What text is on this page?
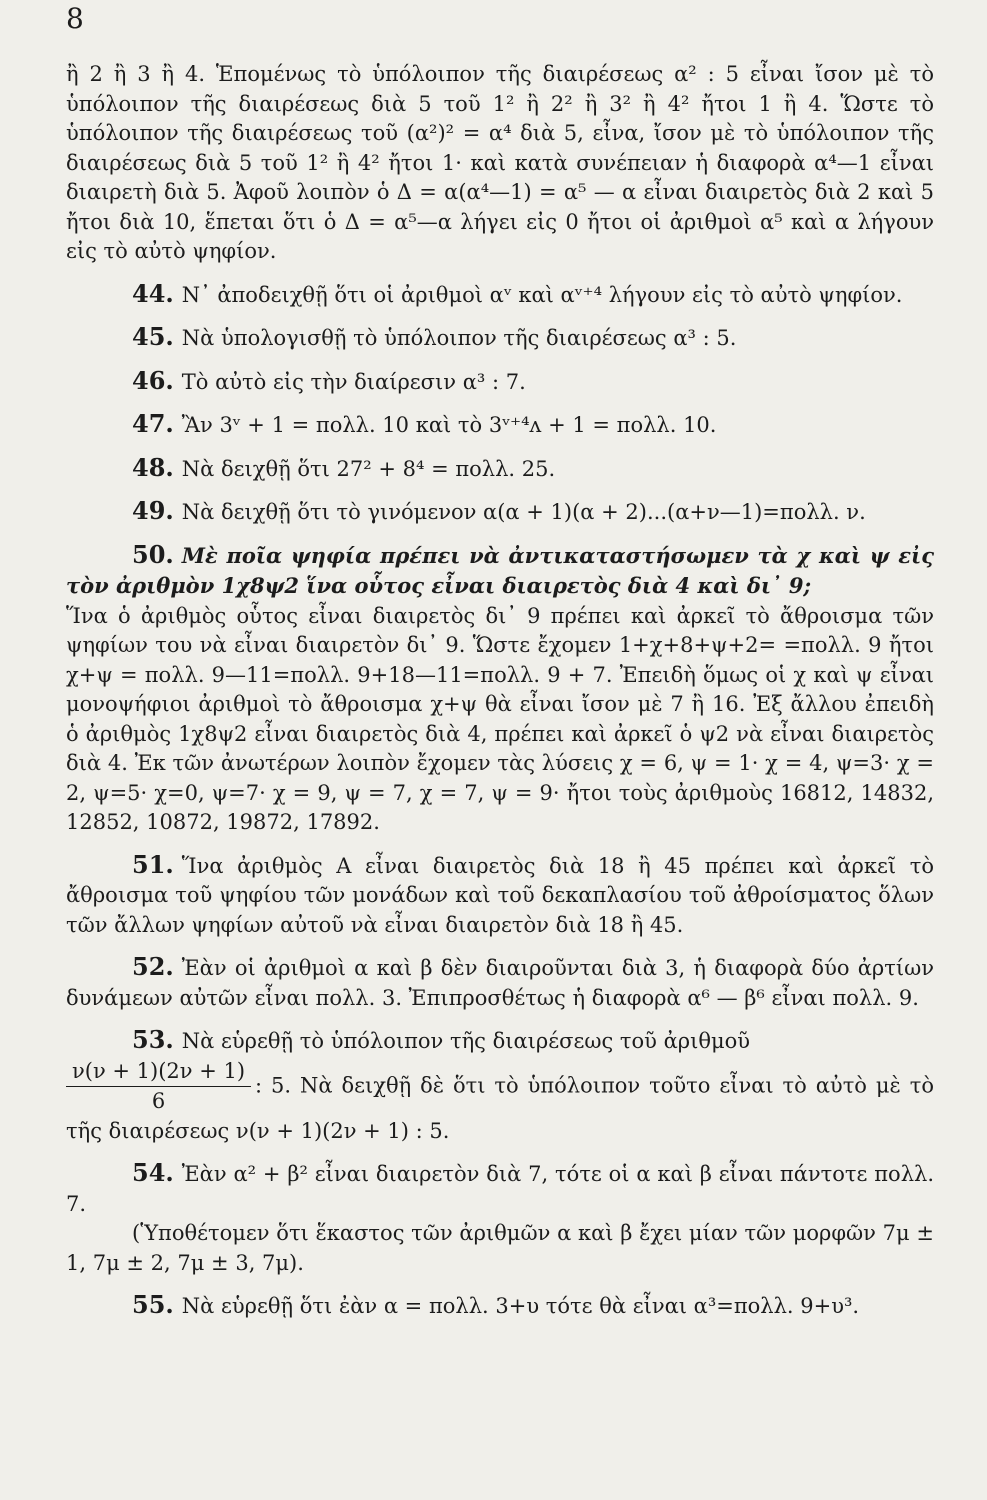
8

ἢ 2 ἢ 3 ἢ 4. Ἑπομένως τὸ ὑπόλοιπον τῆς διαιρέσεως α² : 5 εἶναι ἴσον μὲ τὸ ὑπόλοιπον τῆς διαιρέσεως διὰ 5 τοῦ 1² ἢ 2² ἢ 3² ἢ 4² ἤτοι 1 ἢ 4. Ὥστε τὸ ὑπόλοιπον τῆς διαιρέσεως τοῦ (α²)² = α⁴ διὰ 5, εἶνα, ἴσον μὲ τὸ ὑπόλοιπον τῆς διαιρέσεως διὰ 5 τοῦ 1² ἢ 4² ἤτοι 1· καὶ κατὰ συνέπειαν ἡ διαφορὰ α⁴—1 εἶναι διαιρετὴ διὰ 5. Ἀφοῦ λοιπὸν ὁ Δ = α(α⁴—1) = α⁵ — α εἶναι διαιρετὸς διὰ 2 καὶ 5 ἤτοι διὰ 10, ἕπεται ὅτι ὁ Δ = α⁵—α λήγει εἰς 0 ἤτοι οἱ ἀριθμοὶ α⁵ καὶ α λήγουν εἰς τὸ αὐτὸ ψηφίον.

44. Ν᾽ ἀποδειχθῇ ὅτι οἱ ἀριθμοὶ αᵛ καὶ αᵛ⁺⁴ λήγουν εἰς τὸ αὐτὸ ψηφίον.

45. Νὰ ὑπολογισθῇ τὸ ὑπόλοιπον τῆς διαιρέσεως α³ : 5.

46. Τὸ αὐτὸ εἰς τὴν διαίρεσιν α³ : 7.

47. Ἂν 3ᵛ + 1 = πολλ. 10 καὶ τὸ 3ᵛ⁺⁴ᴧ + 1 = πολλ. 10.

48. Νὰ δειχθῇ ὅτι 27² + 8⁴ = πολλ. 25.

49. Νὰ δειχθῇ ὅτι τὸ γινόμενον α(α + 1)(α + 2)...(α+ν—1)=πολλ. ν.

50. Μὲ ποῖα ψηφία πρέπει νὰ ἀντικαταστήσωμεν τὰ χ καὶ ψ εἰς τὸν ἀριθμὸν 1χ8ψ2 ἵνα οὗτος εἶναι διαιρετὸς διὰ 4 καὶ δι᾽ 9;

Ἵνα ὁ ἀριθμὸς οὗτος εἶναι διαιρετὸς δι᾽ 9 πρέπει καὶ ἀρκεῖ τὸ ἄθροισμα τῶν ψηφίων του νὰ εἶναι διαιρετὸν δι᾽ 9. Ὥστε ἔχομεν 1+χ+8+ψ+2= =πολλ. 9 ἤτοι χ+ψ = πολλ. 9—11=πολλ. 9+18—11=πολλ. 9 + 7. Ἐπειδὴ ὅμως οἱ χ καὶ ψ εἶναι μονοψήφιοι ἀριθμοὶ τὸ ἄθροισμα χ+ψ θὰ εἶναι ἴσον μὲ 7 ἢ 16. Ἐξ ἄλλου ἐπειδὴ ὁ ἀριθμὸς 1χ8ψ2 εἶναι διαιρετὸς διὰ 4, πρέπει καὶ ἀρκεῖ ὁ ψ2 νὰ εἶναι διαιρετὸς διὰ 4. Ἐκ τῶν ἀνωτέρων λοιπὸν ἔχομεν τὰς λύσεις χ = 6, ψ = 1· χ = 4, ψ=3· χ = 2, ψ=5· χ=0, ψ=7· χ = 9, ψ = 7, χ = 7, ψ = 9· ἤτοι τοὺς ἀριθμοὺς 16812, 14832, 12852, 10872, 19872, 17892.

51. Ἵνα ἀριθμὸς Α εἶναι διαιρετὸς διὰ 18 ἢ 45 πρέπει καὶ ἀρκεῖ τὸ ἄθροισμα τοῦ ψηφίου τῶν μονάδων καὶ τοῦ δεκαπλασίου τοῦ ἀθροίσματος ὅλων τῶν ἄλλων ψηφίων αὐτοῦ νὰ εἶναι διαιρετὸν διὰ 18 ἢ 45.

52. Ἐὰν οἱ ἀριθμοὶ α καὶ β δὲν διαιροῦνται διὰ 3, ἡ διαφορὰ δύο ἀρτίων δυνάμεων αὐτῶν εἶναι πολλ. 3. Ἐπιπροσθέτως ἡ διαφορὰ α⁶ — β⁶ εἶναι πολλ. 9.

53. Νὰ εὑρεθῇ τὸ ὑπόλοιπον τῆς διαιρέσεως τοῦ ἀριθμοῦ

$\frac{\nu(\nu + 1)(2\nu + 1)}{6}$ : 5. Νὰ δειχθῇ δὲ ὅτι τὸ ὑπόλοιπον τοῦτο εἶναι τὸ αὐτὸ μὲ τὸ τῆς διαιρέσεως ν(ν + 1)(2ν + 1) : 5.

54. Ἐὰν α² + β² εἶναι διαιρετὸν διὰ 7, τότε οἱ α καὶ β εἶναι πάντοτε πολλ. 7.

(Ὑποθέτομεν ὅτι ἕκαστος τῶν ἀριθμῶν α καὶ β ἔχει μίαν τῶν μορφῶν 7μ ± 1, 7μ ± 2, 7μ ± 3, 7μ).

55. Νὰ εὑρεθῇ ὅτι ἐὰν α = πολλ. 3+υ τότε θὰ εἶναι α³=πολλ. 9+υ³.
